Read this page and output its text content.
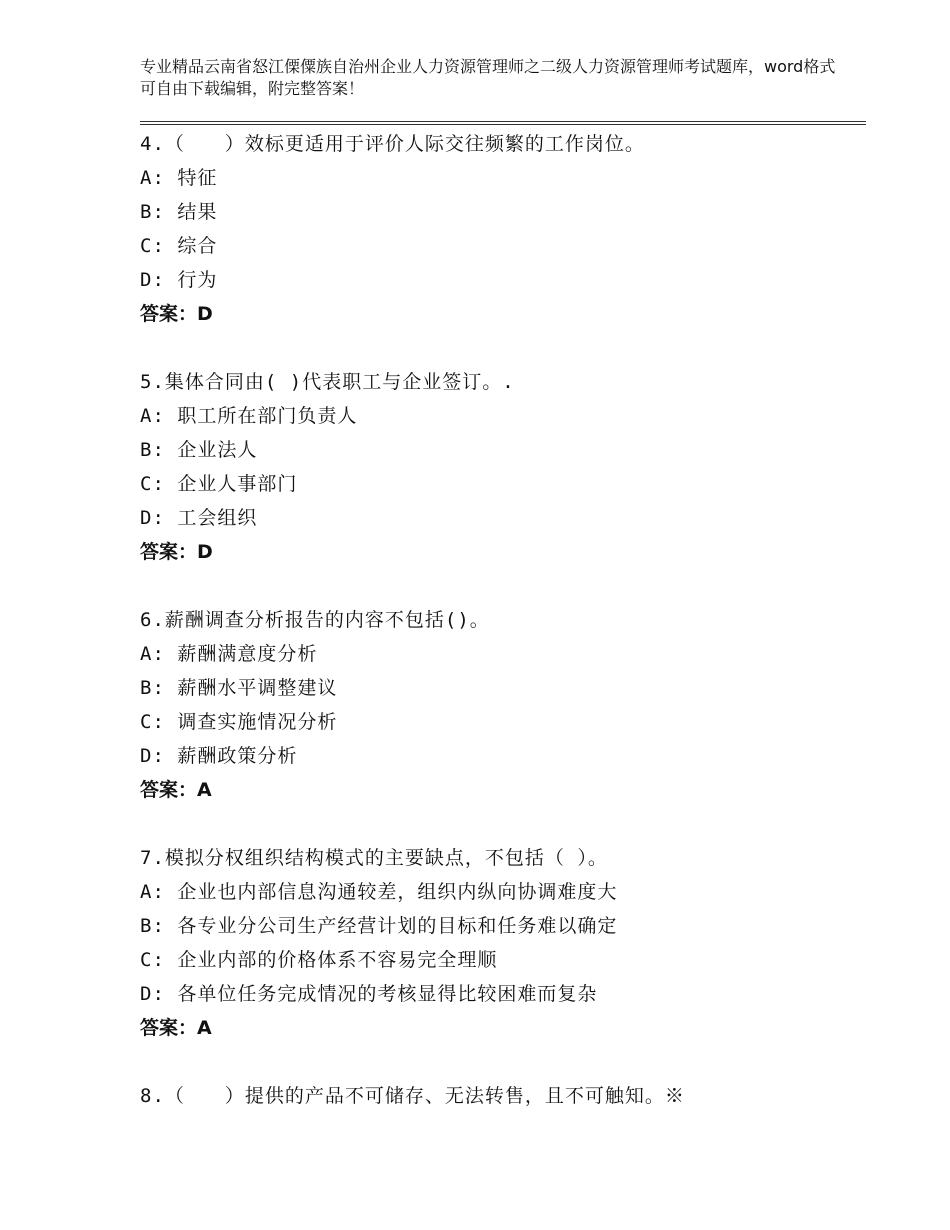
专业精品云南省怒江傈僳族自治州企业人力资源管理师之二级人力资源管理师考试题库，word格式可自由下载编辑，附完整答案！
4.（　　）效标更适用于评价人际交往频繁的工作岗位。
A: 特征
B: 结果
C: 综合
D: 行为
答案：D
5.集体合同由( )代表职工与企业签订。.
A: 职工所在部门负责人
B: 企业法人
C: 企业人事部门
D: 工会组织
答案：D
6.薪酬调查分析报告的内容不包括()。
A: 薪酬满意度分析
B: 薪酬水平调整建议
C: 调查实施情况分析
D: 薪酬政策分析
答案：A
7.模拟分权组织结构模式的主要缺点，不包括（ ）。
A: 企业也内部信息沟通较差，组织内纵向协调难度大
B: 各专业分公司生产经营计划的目标和任务难以确定
C: 企业内部的价格体系不容易完全理顺
D: 各单位任务完成情况的考核显得比较困难而复杂
答案：A
8.（　　）提供的产品不可储存、无法转售，且不可触知。※
